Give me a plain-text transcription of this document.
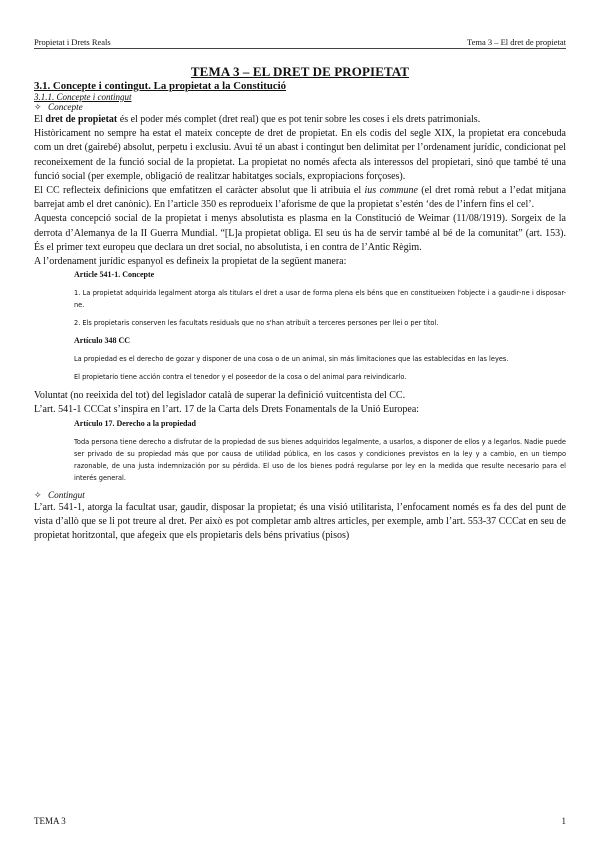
Propietat i Drets Reals	Tema 3 – El dret de propietat

TEMA 3 – EL DRET DE PROPIETAT

3.1. Concepte i contingut. La propietat a la Constitució

3.1.1. Concepte i contingut

✧ Concepte

El dret de propietat és el poder més complet (dret real) que es pot tenir sobre les coses i els drets patrimonials.

Històricament no sempre ha estat el mateix concepte de dret de propietat. En els codis del segle XIX, la propietat era concebuda com un dret (gairebé) absolut, perpetu i exclusiu. Avui té un abast i contingut ben delimitat per l’ordenament jurídic, condicionat pel reconeixement de la funció social de la propietat. La propietat no només afecta als interessos del propietari, sinó que també té una funció social (per exemple, obligació de realitzar habitatges socials, expropiacions forçoses).

El CC reflecteix definicions que emfatitzen el caràcter absolut que li atribuia el ius commune (el dret romà rebut a l’edat mitjana barrejat amb el dret canònic). En l’article 350 es reprodueix l’aforisme de que la propietat s’estén ‘des de l’infern fins el cel’.

Aquesta concepció social de la propietat i menys absolutista es plasma en la Constitució de Weimar (11/08/1919). Sorgeix de la derrota d’Alemanya de la II Guerra Mundial. “[L]a propietat obliga. El seu ús ha de servir també al bé de la comunitat” (art. 153). És el primer text europeu que declara un dret social, no absolutista, i en contra de l’Antic Règim.

A l’ordenament jurídic espanyol es defineix la propietat de la següent manera:

Article 541-1. Concepte

1. La propietat adquirida legalment atorga als titulars el dret a usar de forma plena els béns que en constitueixen l'objecte i a gaudir-ne i disposar-ne.

2. Els propietaris conserven les facultats residuals que no s'han atribuït a terceres persones per llei o per títol.

Artículo 348 CC

La propiedad es el derecho de gozar y disponer de una cosa o de un animal, sin más limitaciones que las establecidas en las leyes.

El propietario tiene acción contra el tenedor y el poseedor de la cosa o del animal para reivindicarlo.

Voluntat (no reeixida del tot) del legislador català de superar la definició vuitcentista del CC.

L’art. 541-1 CCCat s’inspira en l’art. 17 de la Carta dels Drets Fonamentals de la Unió Europea:

Artículo 17. Derecho a la propiedad

Toda persona tiene derecho a disfrutar de la propiedad de sus bienes adquiridos legalmente, a usarlos, a disponer de ellos y a legarlos. Nadie puede ser privado de su propiedad más que por causa de utilidad pública, en los casos y condiciones previstos en la ley y a cambio, en un tiempo razonable, de una justa indemnización por su pérdida. El uso de los bienes podrá regularse por ley en la medida que resulte necesario para el interés general.

✧ Contingut

L’art. 541-1, atorga la facultat usar, gaudir, disposar la propietat; és una visió utilitarista, l’enfocament només es fa des del punt de vista d’allò que se li pot treure al dret. Per això es pot completar amb altres articles, per exemple, amb l’art. 553-37 CCCat en seu de propietat horitzontal, que afegeix que els propietaris dels béns privatius (pisos)

TEMA 3	1
